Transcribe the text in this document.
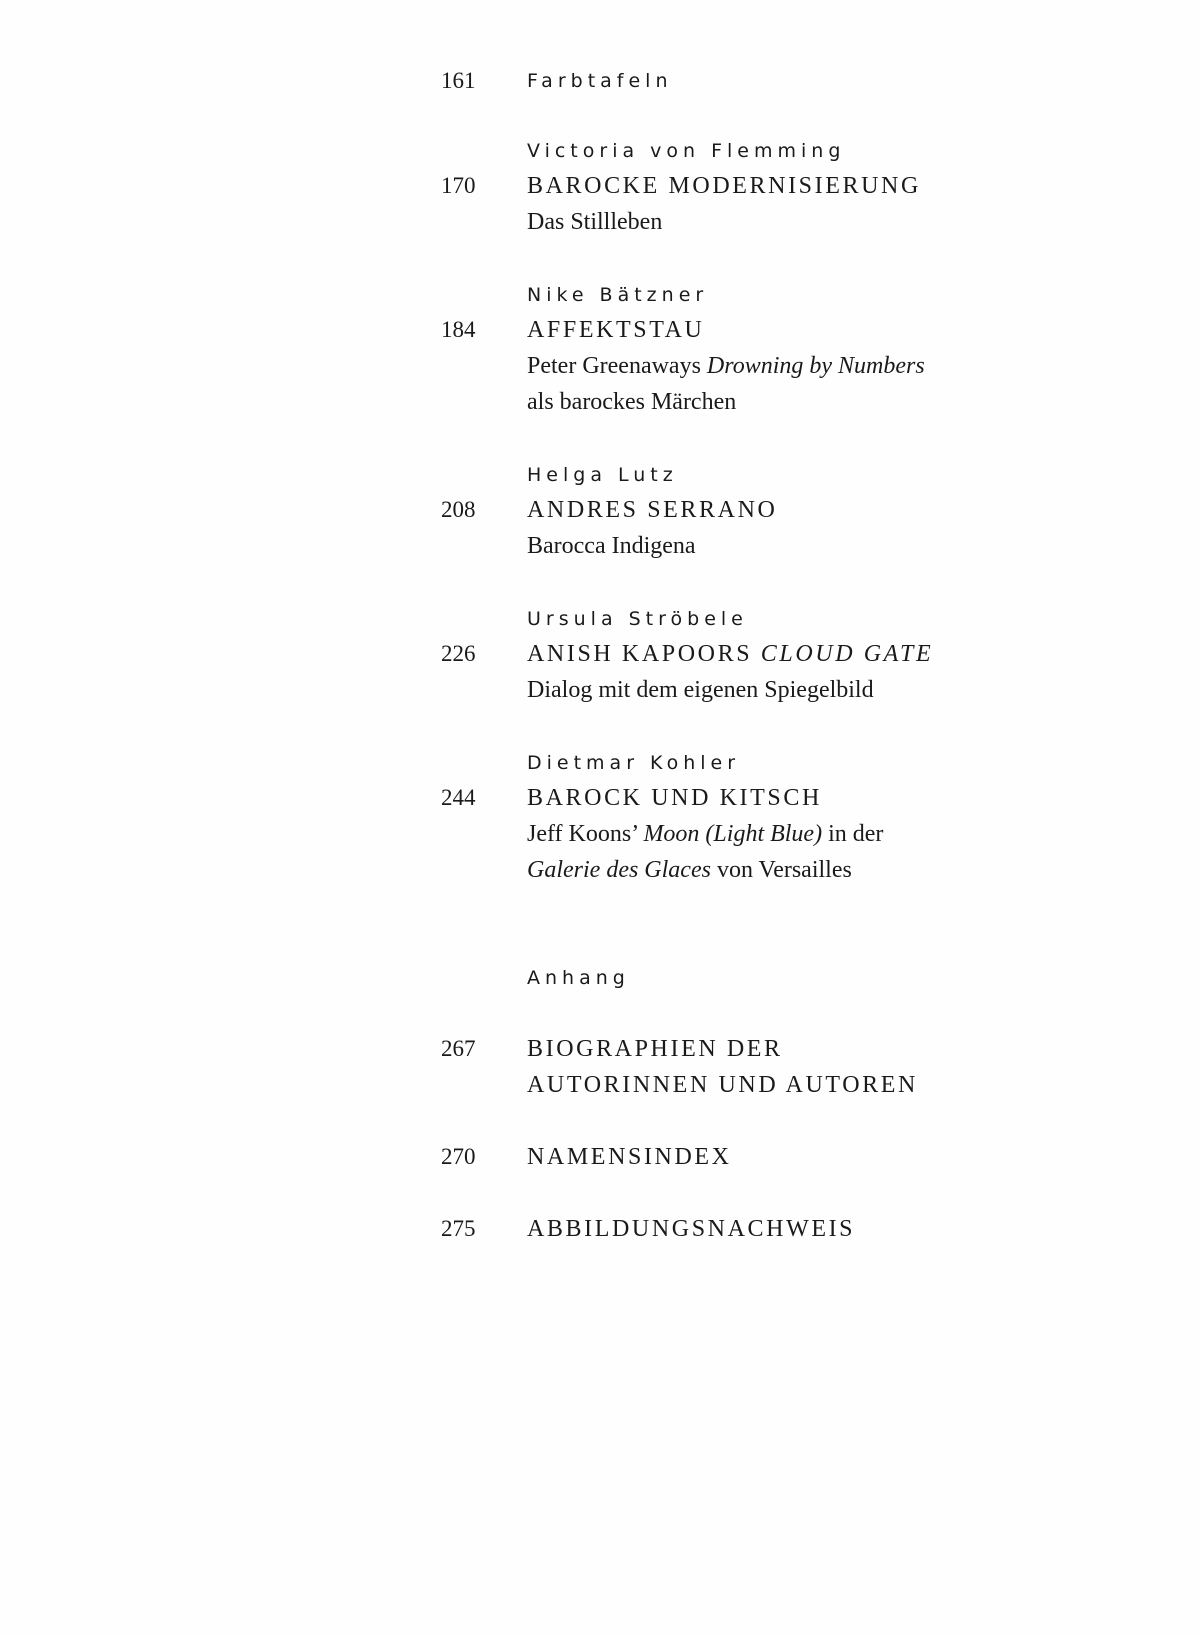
161	Farbtafeln
Victoria von Flemming
170	BAROCKE MODERNISIERUNG
Das Stillleben
Nike Bätzner
184	AFFEKTSTAU
Peter Greenaways Drowning by Numbers
als barockes Märchen
Helga Lutz
208	ANDRES SERRANO
Barocca Indigena
Ursula Ströbele
226	ANISH KAPOORS CLOUD GATE
Dialog mit dem eigenen Spiegelbild
Dietmar Kohler
244	BAROCK UND KITSCH
Jeff Koons’ Moon (Light Blue) in der
Galerie des Glaces von Versailles
Anhang
267	BIOGRAPHIEN DER
AUTORINNEN UND AUTOREN
270	NAMENSINDEX
275	ABBILDUNGSNACHWEIS
